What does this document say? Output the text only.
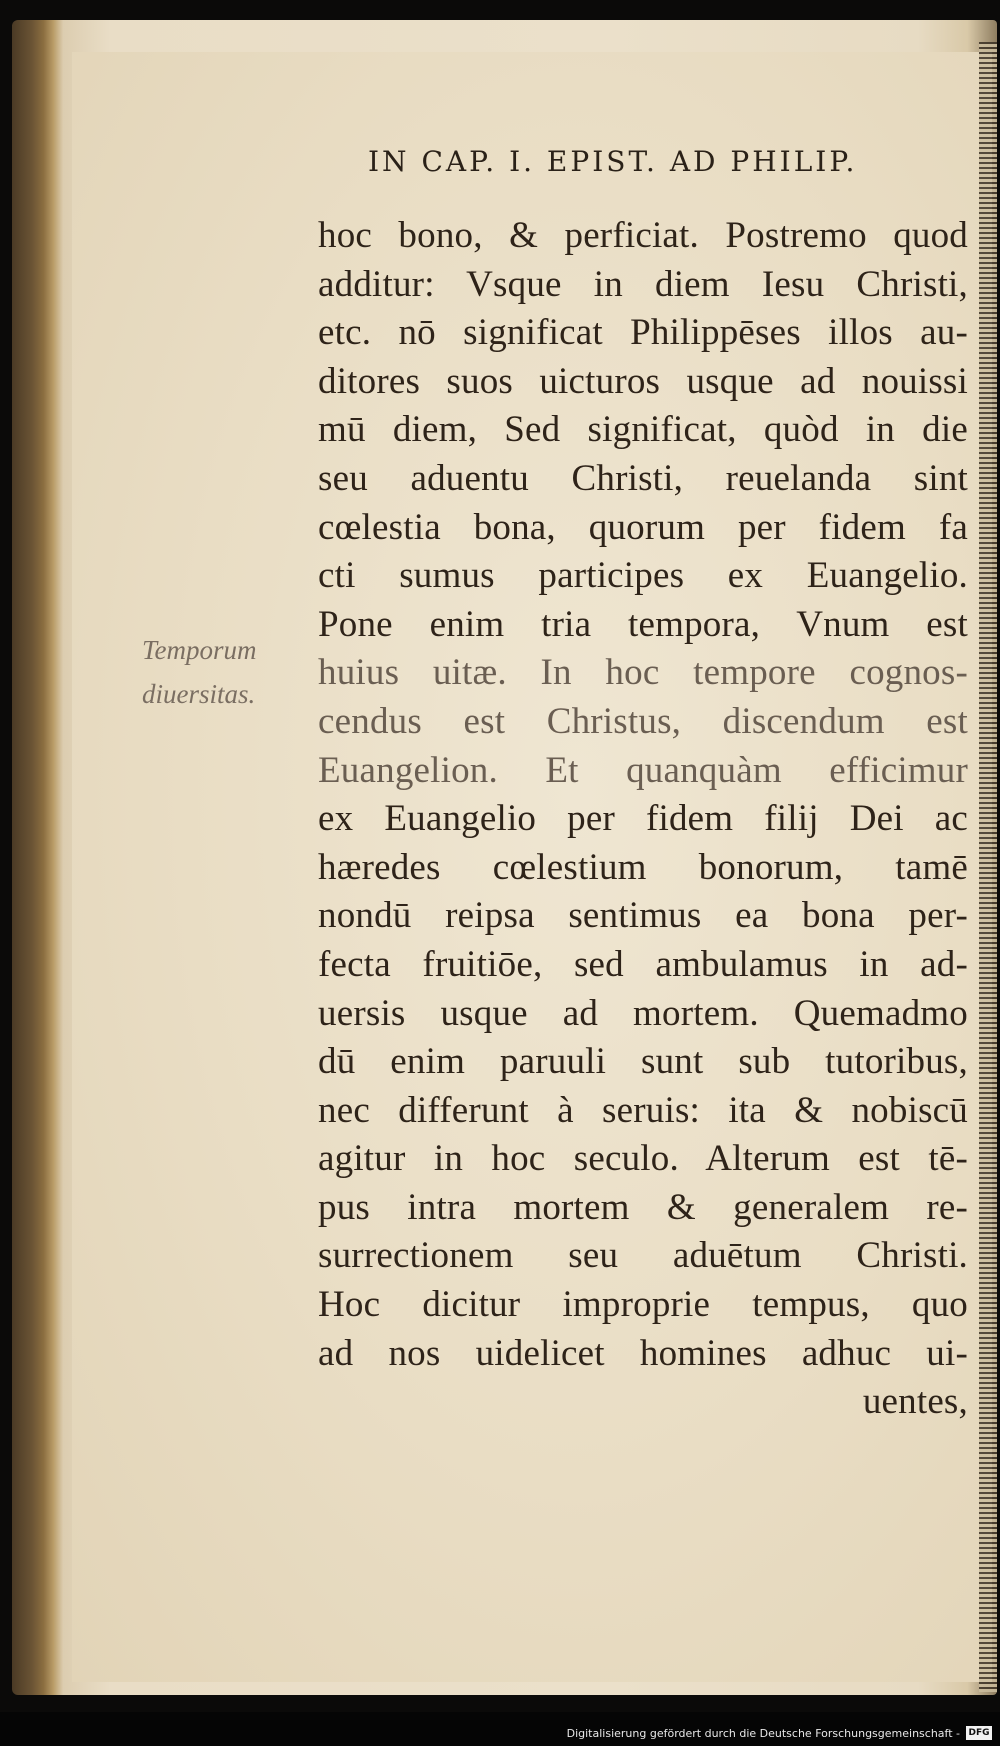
IN CAP. I. EPIST. AD PHILIP.
Temporum
diuersitas.
hoc bono, & perficiat. Postremo quod
additur: Vsque in diem Iesu Christi,
etc. nō significat Philippēses illos au-
ditores suos uicturos usque ad nouissi
mū diem, Sed significat, quòd in die
seu aduentu Christi, reuelanda sint
cœlestia bona, quorum per fidem fa
cti sumus participes ex Euangelio.
Pone enim tria tempora, Vnum est
huius uitæ. In hoc tempore cognos-
cendus est Christus, discendum est
Euangelion. Et quanquàm efficimur
ex Euangelio per fidem filij Dei ac
hæredes cœlestium bonorum, tamē
nondū reipsa sentimus ea bona per-
fecta fruitiōe, sed ambulamus in ad-
uersis usque ad mortem. Quemadmo
dū enim paruuli sunt sub tutoribus,
nec differunt à seruis: ita & nobiscū
agitur in hoc seculo. Alterum est tē-
pus intra mortem & generalem re-
surrectionem seu aduētum Christi.
Hoc dicitur improprie tempus, quo
ad nos uidelicet homines adhuc ui-
uentes,
Digitalisierung gefördert durch die Deutsche Forschungsgemeinschaft - DFG
